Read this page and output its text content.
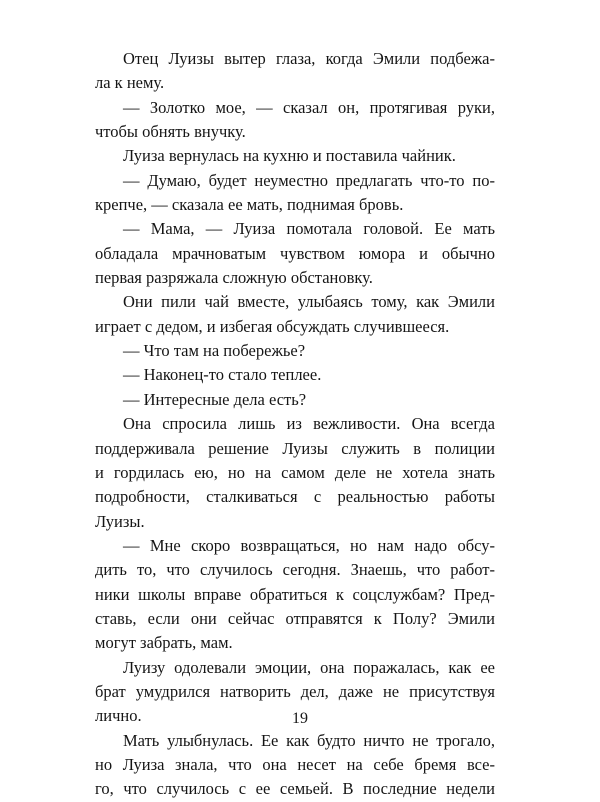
Отец Луизы вытер глаза, когда Эмили подбежа-
ла к нему.
— Золотко мое, — сказал он, протягивая руки,
чтобы обнять внучку.
Луиза вернулась на кухню и поставила чайник.
— Думаю, будет неуместно предлагать что-то по-
крепче, — сказала ее мать, поднимая бровь.
— Мама, — Луиза помотала головой. Ее мать
обладала мрачноватым чувством юмора и обычно
первая разряжала сложную обстановку.
Они пили чай вместе, улыбаясь тому, как Эмили
играет с дедом, и избегая обсуждать случившееся.
— Что там на побережье?
— Наконец-то стало теплее.
— Интересные дела есть?
Она спросила лишь из вежливости. Она всегда
поддерживала решение Луизы служить в полиции
и гордилась ею, но на самом деле не хотела знать
подробности, сталкиваться с реальностью работы
Луизы.
— Мне скоро возвращаться, но нам надо обсу-
дить то, что случилось сегодня. Знаешь, что работ-
ники школы вправе обратиться к соцслужбам? Пред-
ставь, если они сейчас отправятся к Полу? Эмили
могут забрать, мам.
Луизу одолевали эмоции, она поражалась, как ее
брат умудрился натворить дел, даже не присутствуя
лично.
Мать улыбнулась. Ее как будто ничто не трогало,
но Луиза знала, что она несет на себе бремя все-
го, что случилось с ее семьей. В последние недели
19
